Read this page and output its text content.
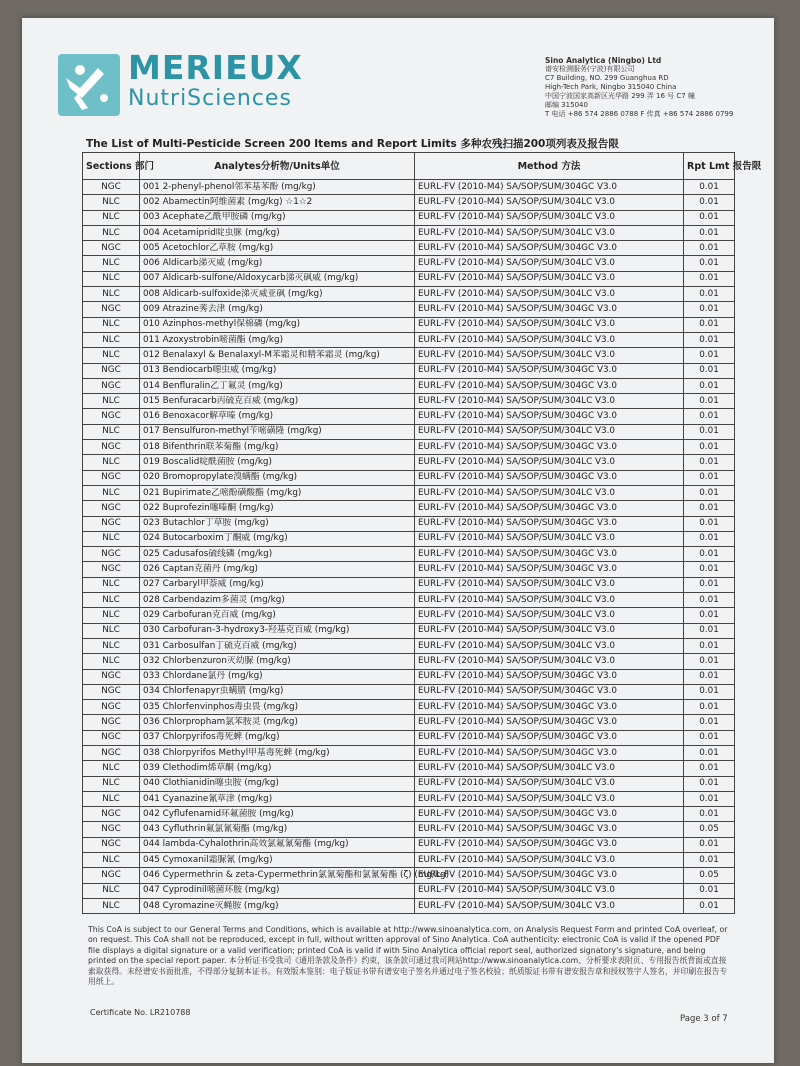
MERIEUX
NutriSciences
Sino Analytica (Ningbo) Ltd
谱安检测服务(宁波)有限公司
C7 Building, NO. 299 Guanghua RD
High-Tech Park, Ningbo 315040 China
中国宁波国家高新区光华路 299 弄 16 号 C7 幢
邮编 315040
T 电话 +86 574 2886 0788 F 传真 +86 574 2886 0799
The List of Multi-Pesticide Screen 200 Items and Report Limits 多种农残扫描200项列表及报告限
Sections 部门	Analytes分析物/Units单位	Method 方法	Rpt Lmt 报告限
NGC	001 2-phenyl-phenol邻苯基苯酚 (mg/kg)	EURL-FV (2010-M4) SA/SOP/SUM/304GC V3.0	0.01
NLC	002 Abamectin阿维菌素 (mg/kg) ☆1☆2	EURL-FV (2010-M4) SA/SOP/SUM/304LC V3.0	0.01
NLC	003 Acephate乙酰甲胺磷 (mg/kg)	EURL-FV (2010-M4) SA/SOP/SUM/304LC V3.0	0.01
NLC	004 Acetamiprid啶虫脒 (mg/kg)	EURL-FV (2010-M4) SA/SOP/SUM/304LC V3.0	0.01
NGC	005 Acetochlor乙草胺 (mg/kg)	EURL-FV (2010-M4) SA/SOP/SUM/304GC V3.0	0.01
NLC	006 Aldicarb涕灭威 (mg/kg)	EURL-FV (2010-M4) SA/SOP/SUM/304LC V3.0	0.01
NLC	007 Aldicarb-sulfone/Aldoxycarb涕灭砜威 (mg/kg)	EURL-FV (2010-M4) SA/SOP/SUM/304LC V3.0	0.01
NLC	008 Aldicarb-sulfoxide涕灭威亚砜 (mg/kg)	EURL-FV (2010-M4) SA/SOP/SUM/304LC V3.0	0.01
NGC	009 Atrazine莠去津 (mg/kg)	EURL-FV (2010-M4) SA/SOP/SUM/304GC V3.0	0.01
NLC	010 Azinphos-methyl保棉磷 (mg/kg)	EURL-FV (2010-M4) SA/SOP/SUM/304LC V3.0	0.01
NLC	011 Azoxystrobin嘧菌酯 (mg/kg)	EURL-FV (2010-M4) SA/SOP/SUM/304LC V3.0	0.01
NLC	012 Benalaxyl & Benalaxyl-M苯霜灵和精苯霜灵 (mg/kg)	EURL-FV (2010-M4) SA/SOP/SUM/304LC V3.0	0.01
NGC	013 Bendiocarb噁虫威 (mg/kg)	EURL-FV (2010-M4) SA/SOP/SUM/304GC V3.0	0.01
NGC	014 Benfluralin乙丁氟灵 (mg/kg)	EURL-FV (2010-M4) SA/SOP/SUM/304GC V3.0	0.01
NLC	015 Benfuracarb丙硫克百威 (mg/kg)	EURL-FV (2010-M4) SA/SOP/SUM/304LC V3.0	0.01
NGC	016 Benoxacor解草嗪 (mg/kg)	EURL-FV (2010-M4) SA/SOP/SUM/304GC V3.0	0.01
NLC	017 Bensulfuron-methyl苄嘧磺隆 (mg/kg)	EURL-FV (2010-M4) SA/SOP/SUM/304LC V3.0	0.01
NGC	018 Bifenthrin联苯菊酯 (mg/kg)	EURL-FV (2010-M4) SA/SOP/SUM/304GC V3.0	0.01
NLC	019 Boscalid啶酰菌胺 (mg/kg)	EURL-FV (2010-M4) SA/SOP/SUM/304LC V3.0	0.01
NGC	020 Bromopropylate溴螨酯 (mg/kg)	EURL-FV (2010-M4) SA/SOP/SUM/304GC V3.0	0.01
NLC	021 Bupirimate乙嘧酚磺酸酯 (mg/kg)	EURL-FV (2010-M4) SA/SOP/SUM/304LC V3.0	0.01
NGC	022 Buprofezin噻嗪酮 (mg/kg)	EURL-FV (2010-M4) SA/SOP/SUM/304GC V3.0	0.01
NGC	023 Butachlor丁草胺 (mg/kg)	EURL-FV (2010-M4) SA/SOP/SUM/304GC V3.0	0.01
NLC	024 Butocarboxim丁酮威 (mg/kg)	EURL-FV (2010-M4) SA/SOP/SUM/304LC V3.0	0.01
NGC	025 Cadusafos硫线磷 (mg/kg)	EURL-FV (2010-M4) SA/SOP/SUM/304GC V3.0	0.01
NGC	026 Captan克菌丹 (mg/kg)	EURL-FV (2010-M4) SA/SOP/SUM/304GC V3.0	0.01
NLC	027 Carbaryl甲萘威 (mg/kg)	EURL-FV (2010-M4) SA/SOP/SUM/304LC V3.0	0.01
NLC	028 Carbendazim多菌灵 (mg/kg)	EURL-FV (2010-M4) SA/SOP/SUM/304LC V3.0	0.01
NLC	029 Carbofuran克百威 (mg/kg)	EURL-FV (2010-M4) SA/SOP/SUM/304LC V3.0	0.01
NLC	030 Carbofuran-3-hydroxy3-羟基克百威 (mg/kg)	EURL-FV (2010-M4) SA/SOP/SUM/304LC V3.0	0.01
NLC	031 Carbosulfan丁硫克百威 (mg/kg)	EURL-FV (2010-M4) SA/SOP/SUM/304LC V3.0	0.01
NLC	032 Chlorbenzuron灭幼脲 (mg/kg)	EURL-FV (2010-M4) SA/SOP/SUM/304LC V3.0	0.01
NGC	033 Chlordane氯丹 (mg/kg)	EURL-FV (2010-M4) SA/SOP/SUM/304GC V3.0	0.01
NGC	034 Chlorfenapyr虫螨腈 (mg/kg)	EURL-FV (2010-M4) SA/SOP/SUM/304GC V3.0	0.01
NGC	035 Chlorfenvinphos毒虫畏 (mg/kg)	EURL-FV (2010-M4) SA/SOP/SUM/304GC V3.0	0.01
NGC	036 Chlorpropham氯苯胺灵 (mg/kg)	EURL-FV (2010-M4) SA/SOP/SUM/304GC V3.0	0.01
NGC	037 Chlorpyrifos毒死蜱 (mg/kg)	EURL-FV (2010-M4) SA/SOP/SUM/304GC V3.0	0.01
NGC	038 Chlorpyrifos Methyl甲基毒死蜱 (mg/kg)	EURL-FV (2010-M4) SA/SOP/SUM/304GC V3.0	0.01
NLC	039 Clethodim烯草酮 (mg/kg)	EURL-FV (2010-M4) SA/SOP/SUM/304LC V3.0	0.01
NLC	040 Clothianidin噻虫胺 (mg/kg)	EURL-FV (2010-M4) SA/SOP/SUM/304LC V3.0	0.01
NLC	041 Cyanazine氰草津 (mg/kg)	EURL-FV (2010-M4) SA/SOP/SUM/304LC V3.0	0.01
NGC	042 Cyflufenamid环氟菌胺 (mg/kg)	EURL-FV (2010-M4) SA/SOP/SUM/304GC V3.0	0.01
NGC	043 Cyfluthrin氟氯氰菊酯 (mg/kg)	EURL-FV (2010-M4) SA/SOP/SUM/304GC V3.0	0.05
NGC	044 lambda-Cyhalothrin高效氯氟氰菊酯 (mg/kg)	EURL-FV (2010-M4) SA/SOP/SUM/304GC V3.0	0.01
NLC	045 Cymoxanil霜脲氰 (mg/kg)	EURL-FV (2010-M4) SA/SOP/SUM/304LC V3.0	0.01
NGC	046 Cypermethrin & zeta-Cypermethrin氯氰菊酯和氯氰菊酯 (ζ) (mg/kg)	EURL-FV (2010-M4) SA/SOP/SUM/304GC V3.0	0.05
NLC	047 Cyprodinil嘧菌环胺 (mg/kg)	EURL-FV (2010-M4) SA/SOP/SUM/304LC V3.0	0.01
NLC	048 Cyromazine灭蝇胺 (mg/kg)	EURL-FV (2010-M4) SA/SOP/SUM/304LC V3.0	0.01
This CoA is subject to our General Terms and Conditions, which is available at http://www.sinoanalytica.com, on Analysis Request Form and printed CoA overleaf, or on request. This CoA shall not be reproduced, except in full, without written approval of Sino Analytica. CoA authenticity: electronic CoA is valid if the opened PDF file displays a digital signature or a valid verification; printed CoA is valid if with Sino Analytica official report seal, authorized signatory's signature, and being printed on the special report paper. 本分析证书受我司《通用条款及条件》约束，该条款可通过我司网站http://www.sinoanalytica.com、分析要求表附页、专用报告纸背面或直接索取获得。未经谱安书面批准，不得部分复制本证书。有效版本鉴别：电子版证书带有谱安电子签名并通过电子签名校验；纸质版证书带有谱安报告章和授权签字人签名，并印刷在报告专用纸上。
Certificate No. LR210788
Page 3 of 7
